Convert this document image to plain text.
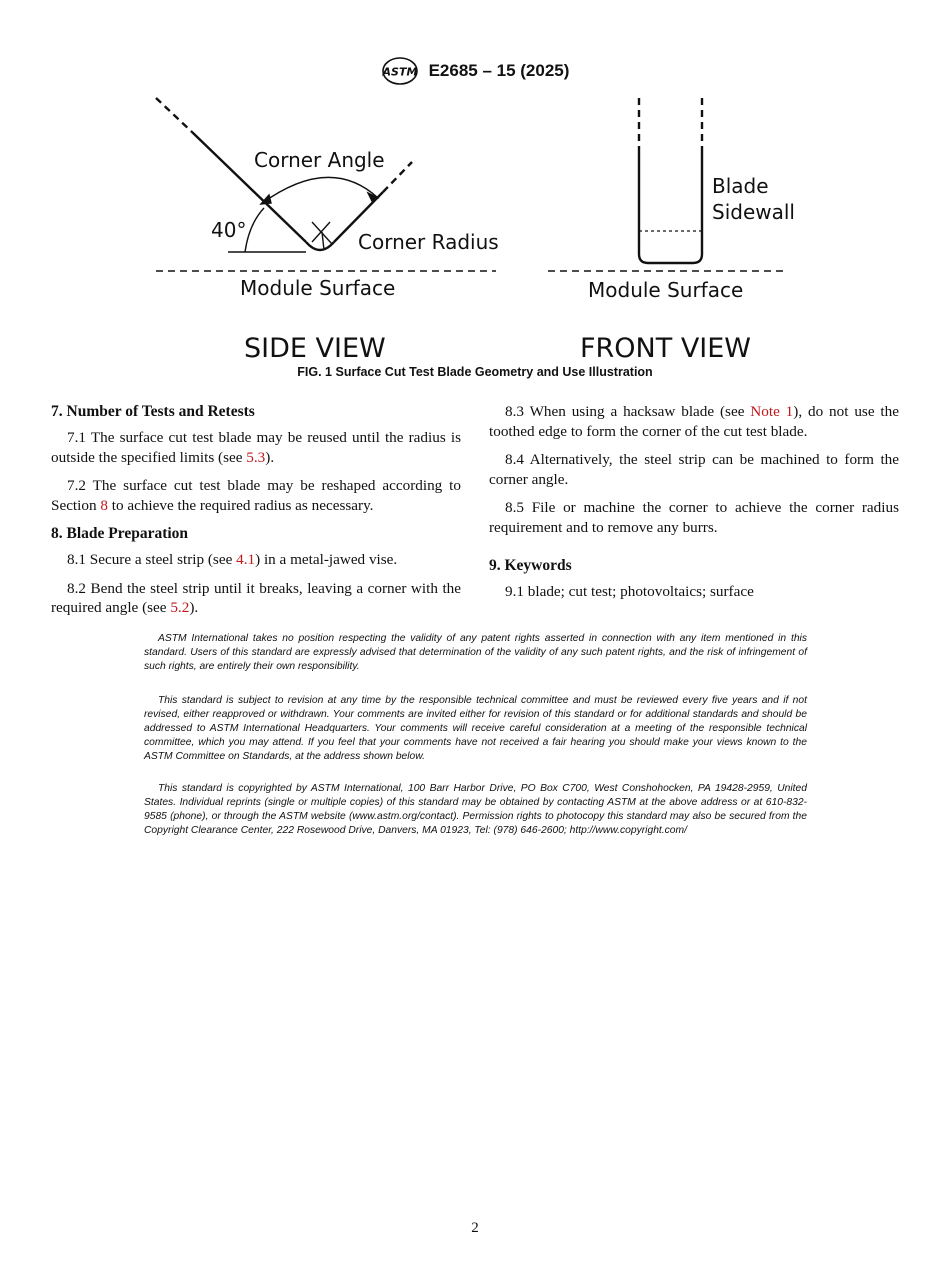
ASTM E2685 – 15 (2025)
Corner Angle
40°	Corner Radius
Module Surface
SIDE VIEW
Blade
Sidewall
Module Surface
FRONT VIEW
FIG. 1 Surface Cut Test Blade Geometry and Use Illustration
7. Number of Tests and Retests

7.1 The surface cut test blade may be reused until the radius is outside the specified limits (see 5.3).

7.2 The surface cut test blade may be reshaped according to Section 8 to achieve the required radius as necessary.

8. Blade Preparation

8.1 Secure a steel strip (see 4.1) in a metal-jawed vise.

8.2 Bend the steel strip until it breaks, leaving a corner with the required angle (see 5.2).

8.3 When using a hacksaw blade (see Note 1), do not use the toothed edge to form the corner of the cut test blade.

8.4 Alternatively, the steel strip can be machined to form the corner angle.

8.5 File or machine the corner to achieve the corner radius requirement and to remove any burrs.

9. Keywords

9.1 blade; cut test; photovoltaics; surface

ASTM International takes no position respecting the validity of any patent rights asserted in connection with any item mentioned in this standard. Users of this standard are expressly advised that determination of the validity of any such patent rights, and the risk of infringement of such rights, are entirely their own responsibility.

This standard is subject to revision at any time by the responsible technical committee and must be reviewed every five years and if not revised, either reapproved or withdrawn. Your comments are invited either for revision of this standard or for additional standards and should be addressed to ASTM International Headquarters. Your comments will receive careful consideration at a meeting of the responsible technical committee, which you may attend. If you feel that your comments have not received a fair hearing you should make your views known to the ASTM Committee on Standards, at the address shown below.

This standard is copyrighted by ASTM International, 100 Barr Harbor Drive, PO Box C700, West Conshohocken, PA 19428-2959, United States. Individual reprints (single or multiple copies) of this standard may be obtained by contacting ASTM at the above address or at 610-832-9585 (phone), or through the ASTM website (www.astm.org/contact). Permission rights to photocopy this standard may also be secured from the Copyright Clearance Center, 222 Rosewood Drive, Danvers, MA 01923, Tel: (978) 646-2600; http://www.copyright.com/

2
